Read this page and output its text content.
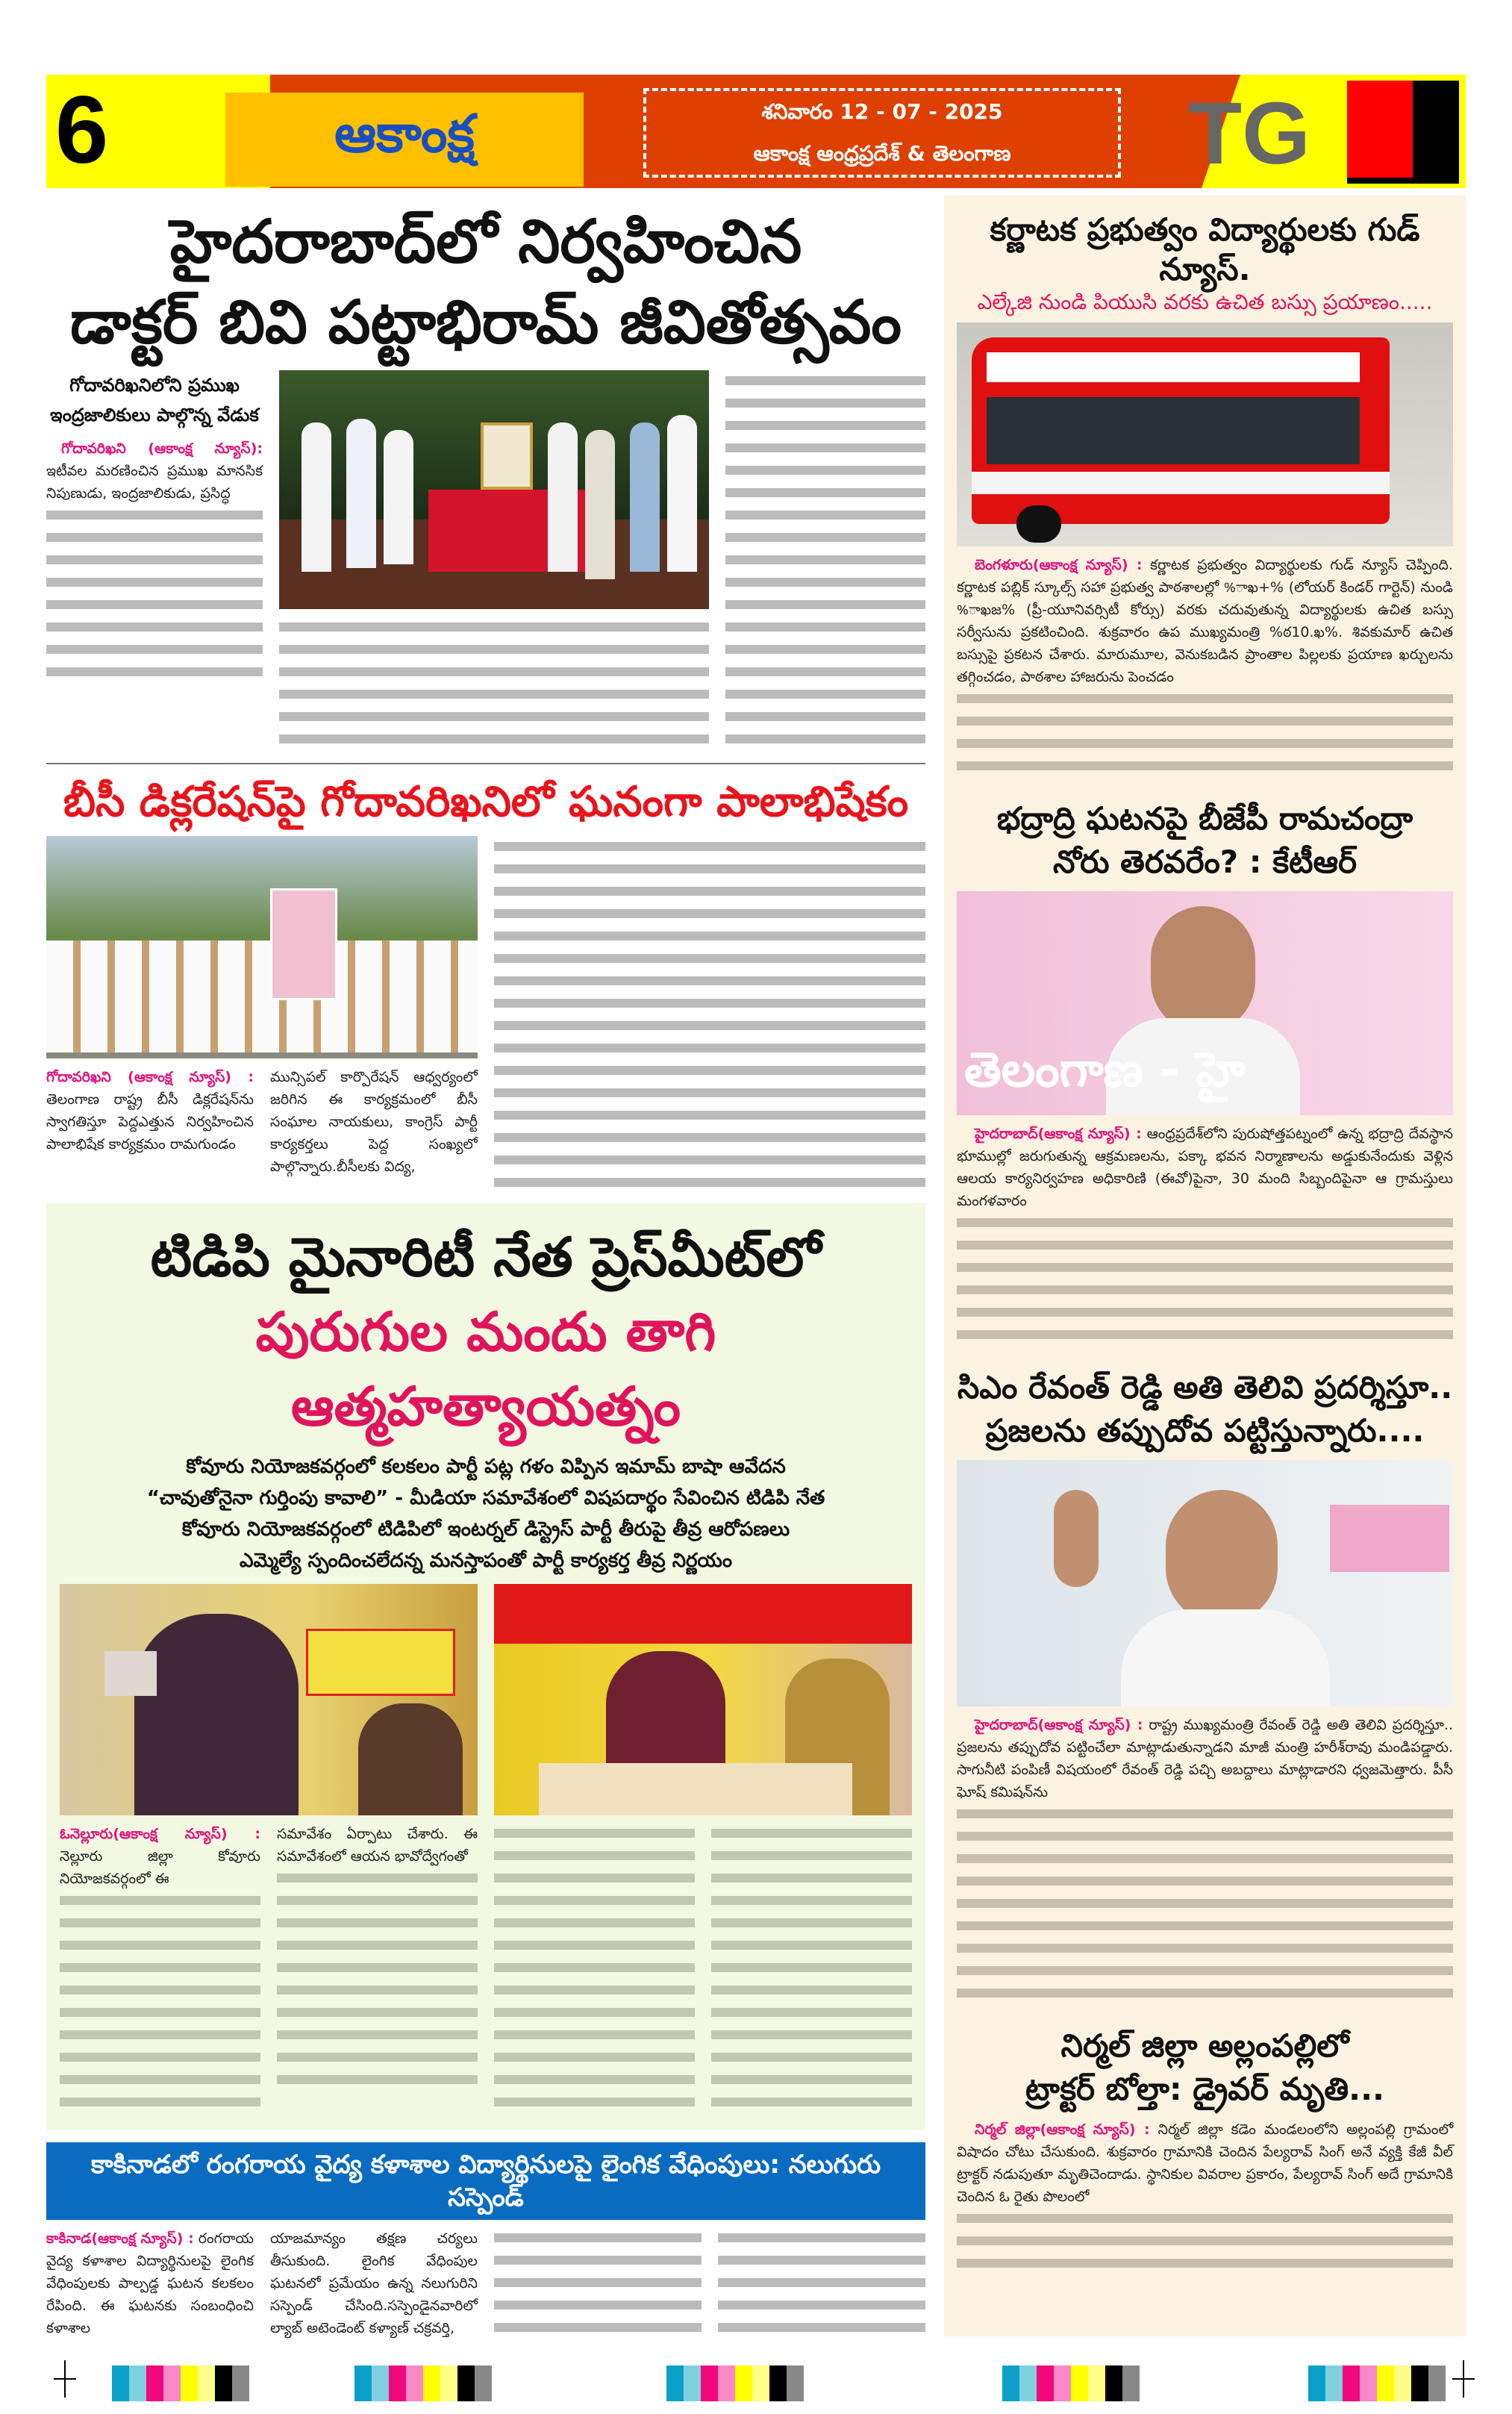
6	ఆకాంక్ష	శనివారం 12 - 07 - 2025
ఆకాంక్ష ఆంధ్రప్రదేశ్ & తెలంగాణ TG
హైదరాబాద్‌లో నిర్వహించిన
డాక్టర్ బివి పట్టాభిరామ్ జీవితోత్సవం
గోదావరిఖనిలోని ప్రముఖ ఇంద్రజాలికులు పాల్గొన్న వేడుక
గోదావరిఖని (ఆకాంక్ష న్యూస్): ఇటీవల మరణించిన ప్రముఖ మానసిక నిపుణుడు, ఇంద్రజాలికుడు, ప్రసిద్ధ
బీసీ డిక్లరేషన్‌పై గోదావరిఖనిలో ఘనంగా పాలాభిషేకం
గోదావరిఖని (ఆకాంక్ష న్యూస్) : తెలంగాణ రాష్ట్ర బీసీ డిక్లరేషన్‌ను స్వాగతిస్తూ పెద్దఎత్తున నిర్వహించిన పాలాభిషేక కార్యక్రమం రామగుండం
మున్సిపల్ కార్పొరేషన్ ఆధ్వర్యంలో జరిగిన ఈ కార్యక్రమంలో బీసీ సంఘాల నాయకులు, కాంగ్రెస్ పార్టీ కార్యకర్తలు పెద్ద సంఖ్యలో పాల్గొన్నారు.బీసీలకు విద్య,
టిడిపి మైనారిటీ నేత ప్రెస్‌మీట్‌లో
పురుగుల మందు తాగి ఆత్మహత్యాయత్నం
కోవూరు నియోజకవర్గంలో కలకలం పార్టీ పట్ల గళం విప్పిన ఇమామ్ బాషా ఆవేదన
“చావుతోనైనా గుర్తింపు కావాలి” - మీడియా సమావేశంలో విషపదార్థం సేవించిన టిడిపి నేత
కోవూరు నియోజకవర్గంలో టిడిపిలో ఇంటర్నల్ డిస్ట్రెస్ పార్టీ తీరుపై తీవ్ర ఆరోపణలు
ఎమ్మెల్యే స్పందించలేదన్న మనస్తాపంతో పార్టీ కార్యకర్త తీవ్ర నిర్ణయం
ఓనెల్లూరు(ఆకాంక్ష న్యూస్) : నెల్లూరు జిల్లా కోవూరు నియోజకవర్గంలో ఈ
సమావేశం ఏర్పాటు చేశారు. ఈ సమావేశంలో ఆయన భావోద్వేగంతో
కాకినాడలో రంగరాయ వైద్య కళాశాల విద్యార్థినులపై లైంగిక వేధింపులు: నలుగురు సస్పెండ్
కాకినాడ(ఆకాంక్ష న్యూస్) : రంగరాయ వైద్య కళాశాల విద్యార్థినులపై లైంగిక వేధింపులకు పాల్పడ్డ ఘటన కలకలం రేపింది. ఈ ఘటనకు సంబంధించి కళాశాల
యాజమాన్యం తక్షణ చర్యలు తీసుకుంది. లైంగిక వేధింపుల ఘటనలో ప్రమేయం ఉన్న నలుగురిని సస్పెండ్ చేసింది.సస్పెండైనవారిలో ల్యాబ్ అటెండెంట్ కళ్యాణ్ చక్రవర్తి,
కర్ణాటక ప్రభుత్వం విద్యార్థులకు గుడ్ న్యూస్.
ఎల్కేజి నుండి పియుసి వరకు ఉచిత బస్సు ప్రయాణం.....
బెంగళూరు(ఆకాంక్ష న్యూస్) : కర్ణాటక ప్రభుత్వం విద్యార్థులకు గుడ్ న్యూస్ చెప్పింది. కర్ణాటక పబ్లిక్ స్కూల్స్ సహా ప్రభుత్వ పాఠశాలల్లో %ాఖ+% (లోయర్ కిండర్ గార్టెన్) నుండి %ాఖజ% (ప్రీ-యూనివర్సిటీ కోర్సు) వరకు చదువుతున్న విద్యార్థులకు ఉచిత బస్సు సర్వీసును ప్రకటించింది. శుక్రవారం ఉప ముఖ్యమంత్రి %ఠ10.ఖ%. శివకుమార్ ఉచిత బస్సుపై ప్రకటన చేశారు. మారుమూల, వెనుకబడిన ప్రాంతాల పిల్లలకు ప్రయాణ ఖర్చులను తగ్గించడం, పాఠశాల హాజరును పెంచడం
భద్రాద్రి ఘటనపై బీజేపీ రామచంద్రా
నోరు తెరవరేం? : కేటీఆర్
తెలంగాణ - హై
హైదరాబాద్(ఆకాంక్ష న్యూస్) : ఆంధ్రప్రదేశ్‌లోని పురుషోత్తపట్నంలో ఉన్న భద్రాద్రి దేవస్థాన భూముల్లో జరుగుతున్న ఆక్రమణలను, పక్కా భవన నిర్మాణాలను అడ్డుకునేందుకు వెళ్లిన ఆలయ కార్యనిర్వహణ అధికారిణి (ఈవో)పైనా, 30 మంది సిబ్బందిపైనా ఆ గ్రామస్తులు మంగళవారం
సిఎం రేవంత్ రెడ్డి అతి తెలివి ప్రదర్శిస్తూ..
ప్రజలను తప్పుదోవ పట్టిస్తున్నారు....
హైదరాబాద్(ఆకాంక్ష న్యూస్) : రాష్ట్ర ముఖ్యమంత్రి రేవంత్ రెడ్డి అతి తెలివి ప్రదర్శిస్తూ.. ప్రజలను తప్పుదోవ పట్టించేలా మాట్లాడుతున్నాడని మాజీ మంత్రి హరీశ్‌రావు మండిపడ్డారు. సాగునీటి పంపిణీ విషయంలో రేవంత్ రెడ్డి పచ్చి అబద్దాలు మాట్లాడారని ధ్వజమెత్తారు. పీసీ ఘోష్ కమిషన్‌ను
నిర్మల్ జిల్లా అల్లంపల్లిలో
ట్రాక్టర్ బోల్తా: డ్రైవర్ మృతి...
నిర్మల్ జిల్లా(ఆకాంక్ష న్యూస్) : నిర్మల్ జిల్లా కడెం మండలంలోని అల్లంపల్లి గ్రామంలో విషాదం చోటు చేసుకుంది. శుక్రవారం గ్రామానికి చెందిన పేల్యరావ్ సింగ్ అనే వ్యక్తి కేజీ వీల్ ట్రాక్టర్ నడుపుతూ మృతిచెందాడు. స్థానికుల వివరాల ప్రకారం, పేల్యరావ్ సింగ్ అదే గ్రామానికి చెందిన ఓ రైతు పొలంలో
